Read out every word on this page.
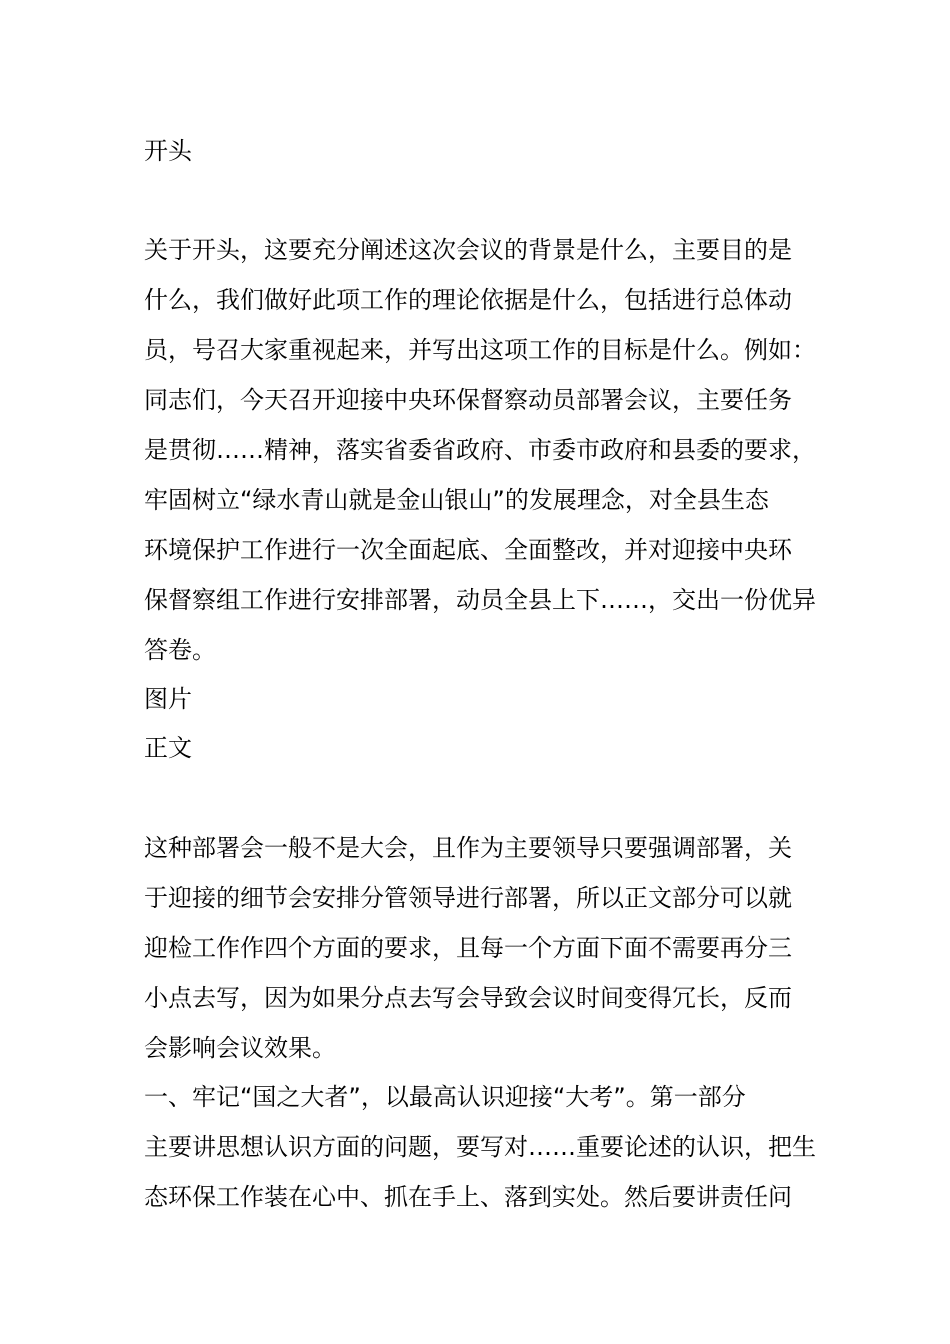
开头
关于开头，这要充分阐述这次会议的背景是什么，主要目的是
什么，我们做好此项工作的理论依据是什么，包括进行总体动
员，号召大家重视起来，并写出这项工作的目标是什么。例如：
同志们，今天召开迎接中央环保督察动员部署会议，主要任务
是贯彻……精神，落实省委省政府、市委市政府和县委的要求，
牢固树立“绿水青山就是金山银山”的发展理念，对全县生态
环境保护工作进行一次全面起底、全面整改，并对迎接中央环
保督察组工作进行安排部署，动员全县上下……，交出一份优异
答卷。
图片
正文
这种部署会一般不是大会，且作为主要领导只要强调部署，关
于迎接的细节会安排分管领导进行部署，所以正文部分可以就
迎检工作作四个方面的要求，且每一个方面下面不需要再分三
小点去写，因为如果分点去写会导致会议时间变得冗长，反而
会影响会议效果。
一、牢记“国之大者”，以最高认识迎接“大考”。第一部分
主要讲思想认识方面的问题，要写对……重要论述的认识，把生
态环保工作装在心中、抓在手上、落到实处。然后要讲责任问
